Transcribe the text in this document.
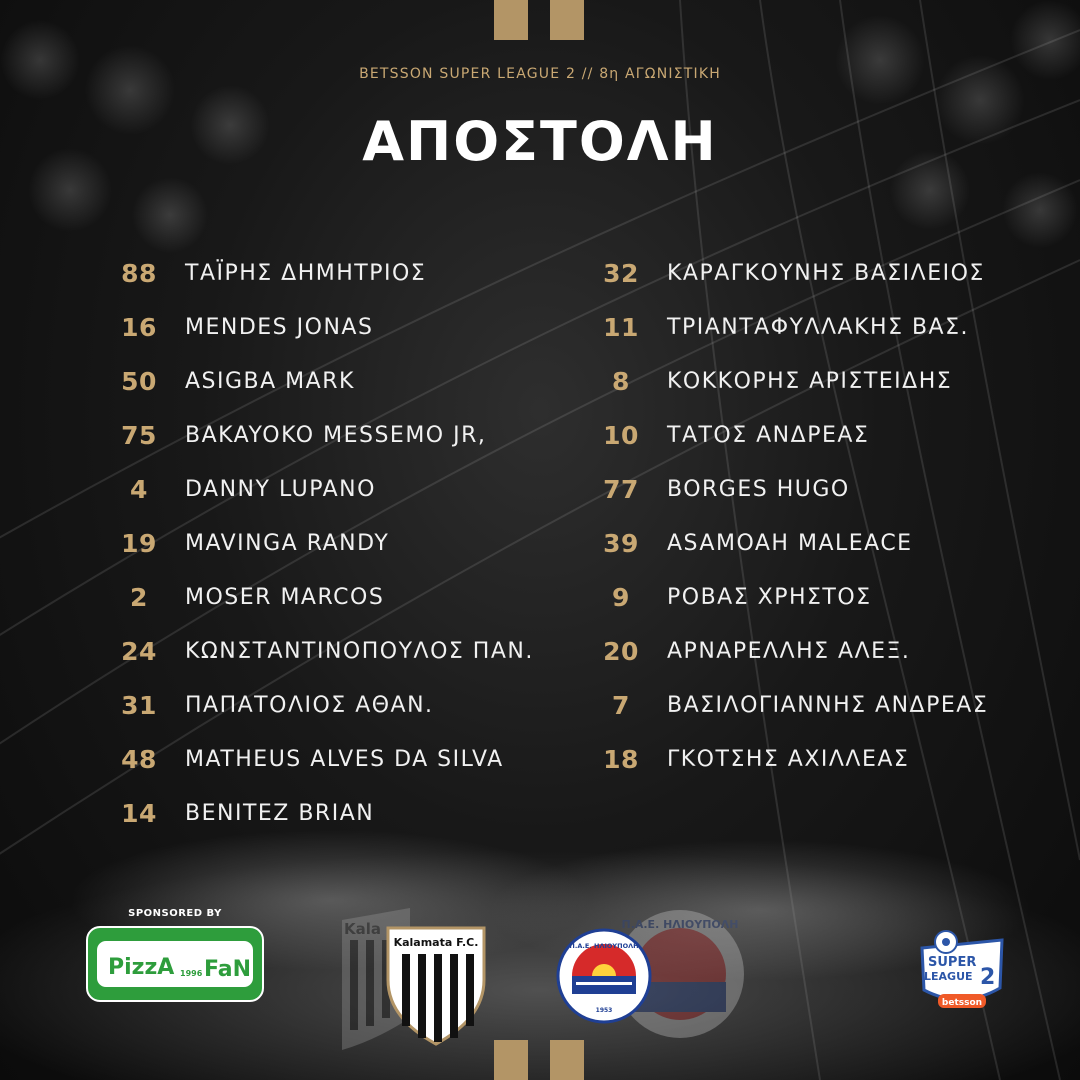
BETSSON SUPER LEAGUE 2 // 8η ΑΓΩΝΙΣΤΙΚΗ
ΑΠΟΣΤΟΛΗ
88	ΤΑΪΡΗΣ ΔΗΜΗΤΡΙΟΣ
16	MENDES JONAS
50	ASIGBA MARK
75	BAKAYOKO MESSEMO JR,
4	DANNY LUPANO
19	MAVINGA RANDY
2	MOSER MARCOS
24	ΚΩΝΣΤΑΝΤΙΝΟΠΟΥΛΟΣ ΠΑΝ.
31	ΠΑΠΑΤΟΛΙΟΣ ΑΘΑΝ.
48	MATHEUS ALVES DA SILVA
14	BENITEZ BRIAN
32	ΚΑΡΑΓΚΟΥΝΗΣ ΒΑΣΙΛΕΙΟΣ
11	ΤΡΙΑΝΤΑΦΥΛΛΑΚΗΣ ΒΑΣ.
8	ΚΟΚΚΟΡΗΣ ΑΡΙΣΤΕΙΔΗΣ
10	ΤΑΤΟΣ ΑΝΔΡΕΑΣ
77	BORGES HUGO
39	ASAMOAH MALEACE
9	ΡΟΒΑΣ ΧΡΗΣΤΟΣ
20	ΑΡΝΑΡΕΛΛΗΣ ΑΛΕΞ.
7	ΒΑΣΙΛΟΓΙΑΝΝΗΣ ΑΝΔΡΕΑΣ
18	ΓΚΟΤΣΗΣ ΑΧΙΛΛΕΑΣ
SPONSORED BY
PizzA 1996 FaN
Kala
Kalamata F.C.
Π.Α.Ε. ΗΛΙΟΥΠΟΛΗ
Π.Α.Ε. ΗΛΙΟΥΠΟΛΗ
1953
SUPER
LEAGUE 2
betsson
